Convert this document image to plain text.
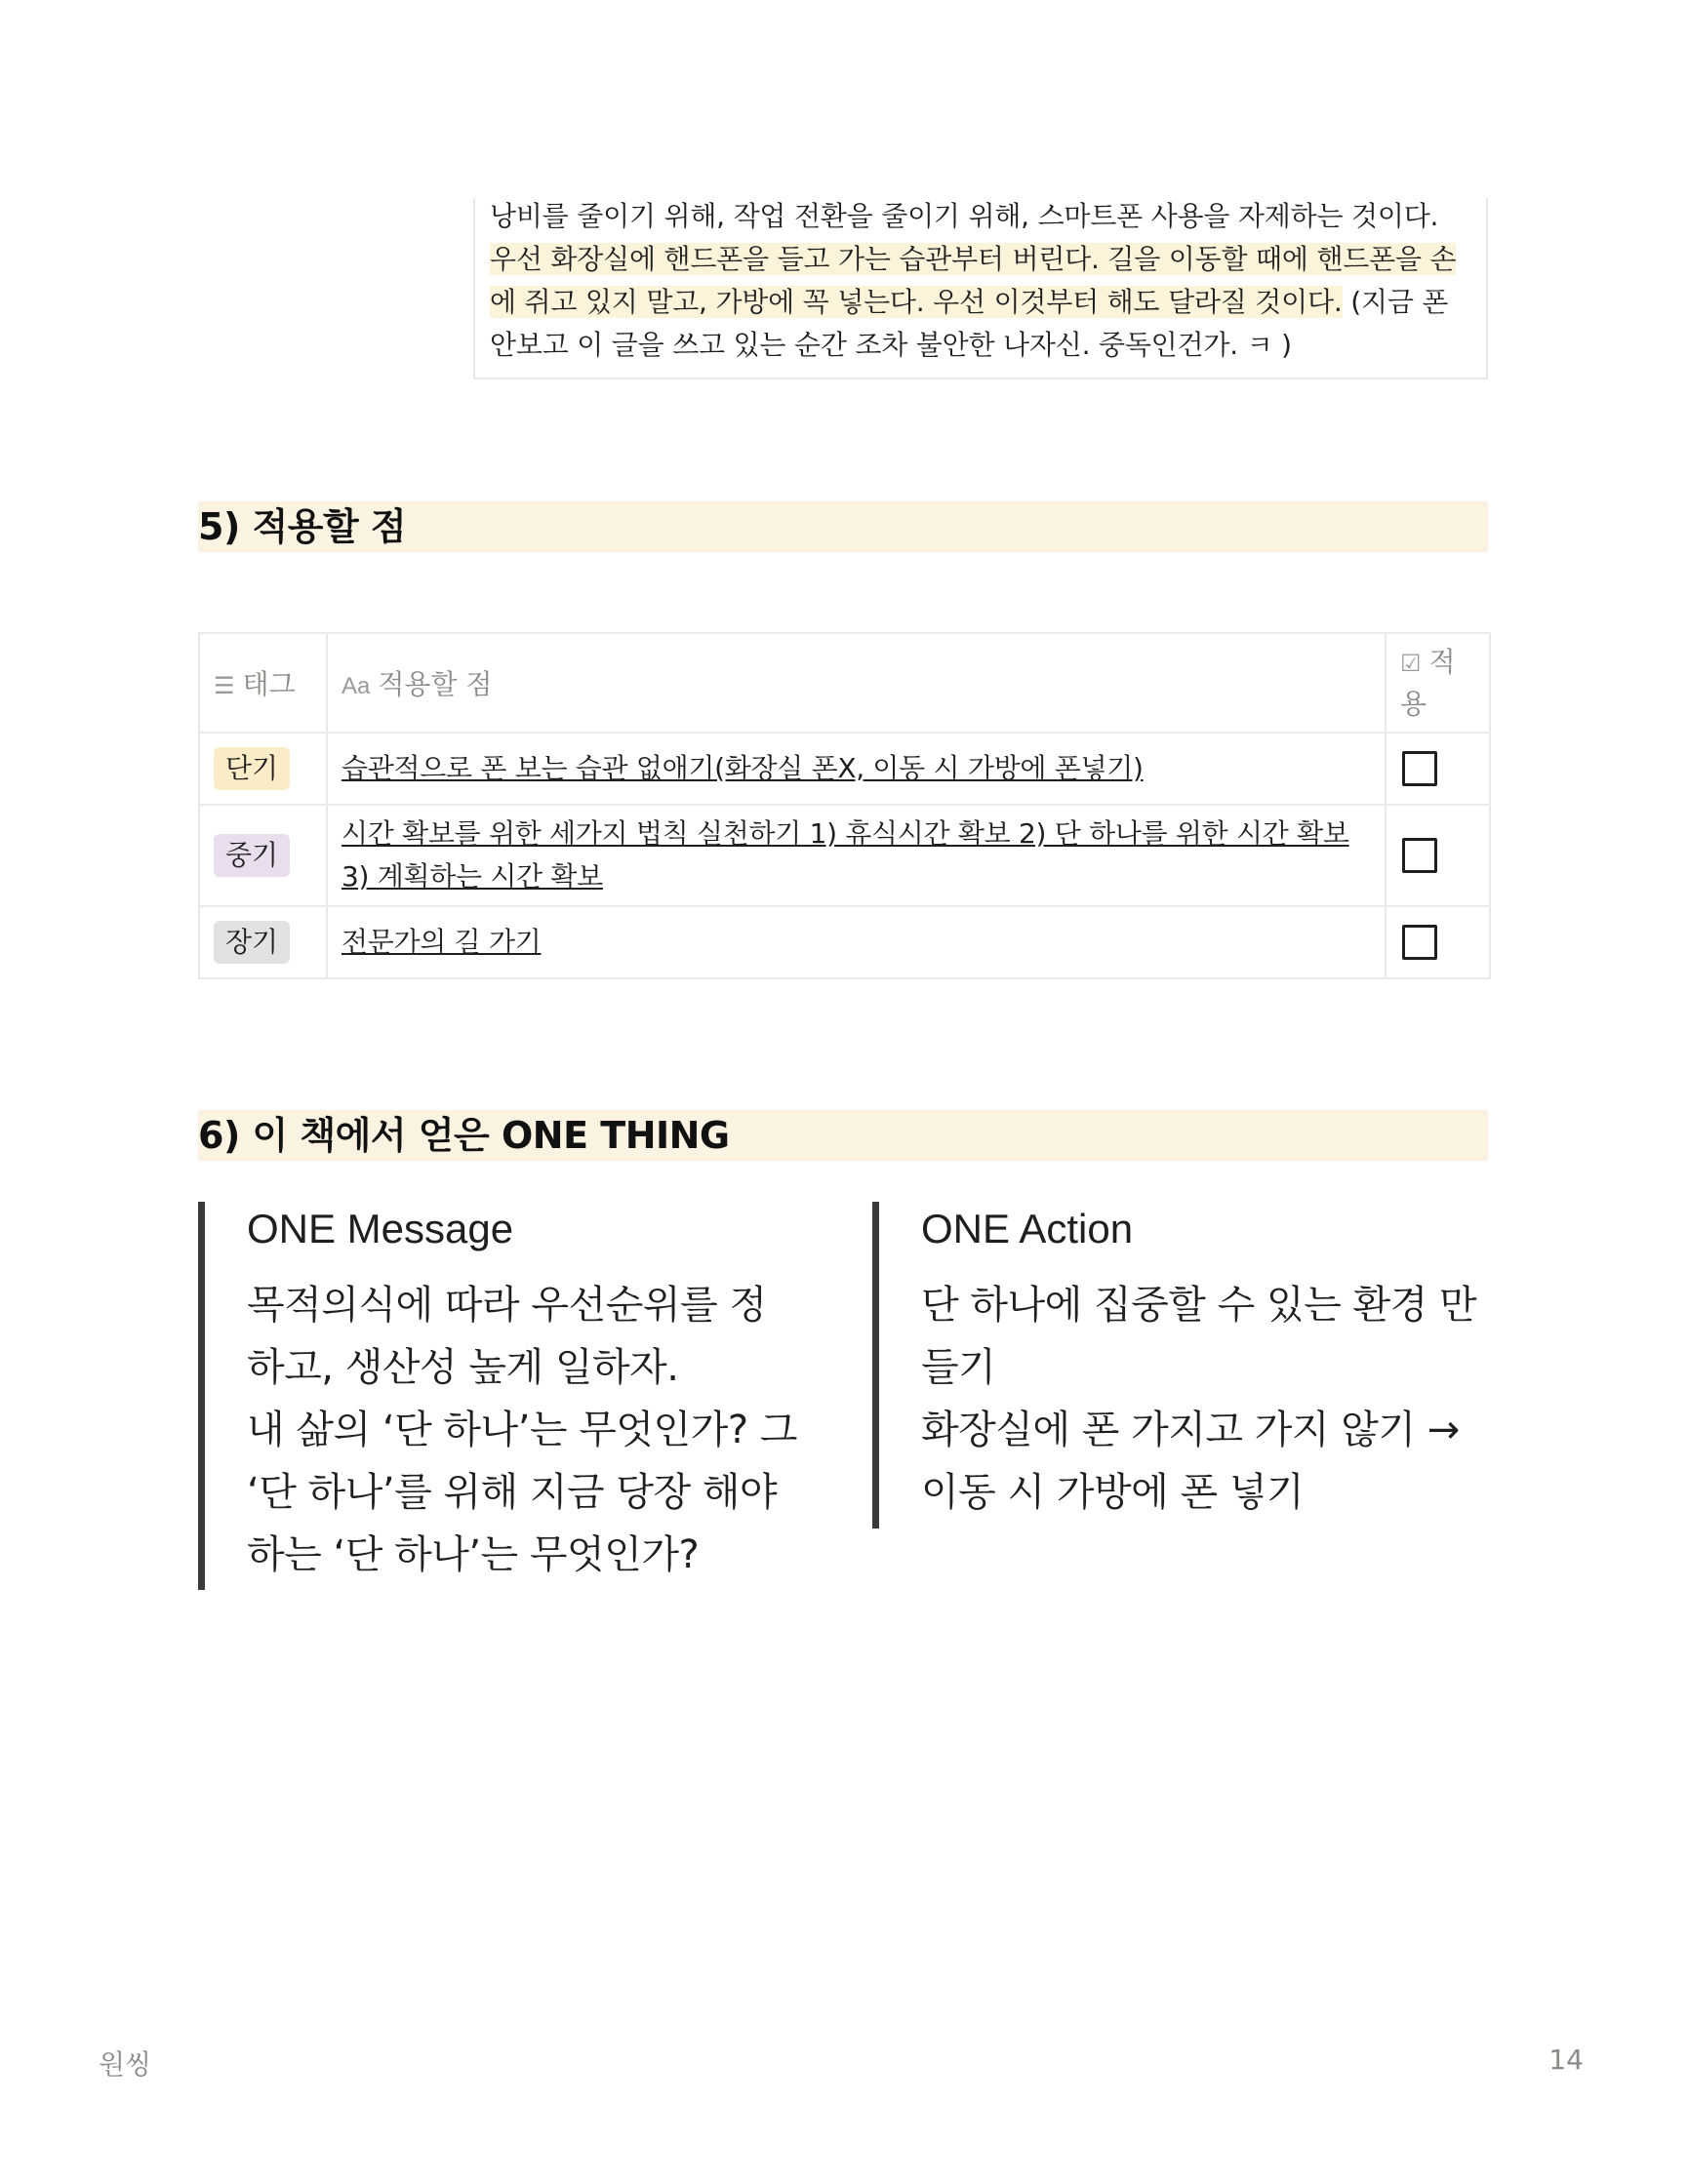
낭비를 줄이기 위해, 작업 전환을 줄이기 위해, 스마트폰 사용을 자제하는 것이다.
우선 화장실에 핸드폰을 들고 가는 습관부터 버린다. 길을 이동할 때에 핸드폰을 손
에 쥐고 있지 말고, 가방에 꼭 넣는다. 우선 이것부터 해도 달라질 것이다. (지금 폰
안보고 이 글을 쓰고 있는 순간 조차 불안한 나자신. 중독인건가. ㅋ )
5) 적용할 점
☰ 태그	Aa 적용할 점	☑ 적
용
단기	습관적으로 폰 보는 습관 없애기(화장실 폰X, 이동 시 가방에 폰넣기)	
중기	시간 확보를 위한 세가지 법칙 실천하기 1) 휴식시간 확보 2) 단 하나를 위한 시간 확보
3) 계획하는 시간 확보	
장기	전문가의 길 가기	
6) 이 책에서 얻은 ONE THING
ONE Message
목적의식에 따라 우선순위를 정
하고, 생산성 높게 일하자.
내 삶의 ‘단 하나’는 무엇인가? 그
‘단 하나’를 위해 지금 당장 해야
하는 ‘단 하나’는 무엇인가?
ONE Action
단 하나에 집중할 수 있는 환경 만
들기
화장실에 폰 가지고 가지 않기 →
이동 시 가방에 폰 넣기
원씽	14
